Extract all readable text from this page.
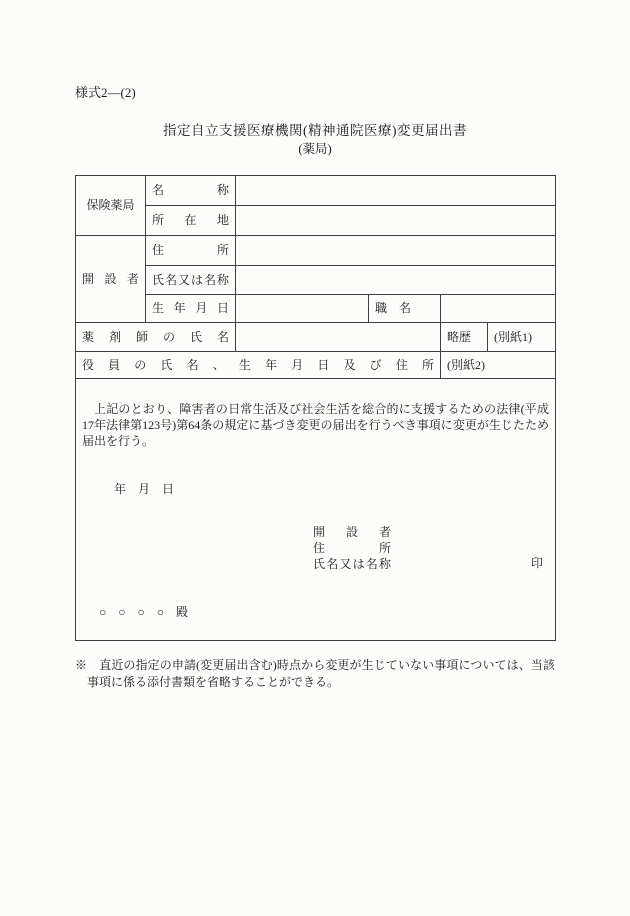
様式2―(2)
指定自立支援医療機関(精神通院医療)変更届出書
(薬局)
保険薬局	名称				
	所在地				
開設者	住所				
	氏名又は名称				
	生年月日		職　名		
薬剤師の氏名				略歴	(別紙1)
役員の氏名、生年月日及び住所				(別紙2)	

上記のとおり、障害者の日常生活及び社会生活を総合的に支援するための法律(平成17年法律第123号)第64条の規定に基づき変更の届出を行うべき事項に変更が生じたため届出を行う。

年　月　日
開設者
住所
氏名又は名称	印
○　○　○　○　殿

※　直近の指定の申請(変更届出含む)時点から変更が生じていない事項については、当該事項に係る添付書類を省略することができる。
